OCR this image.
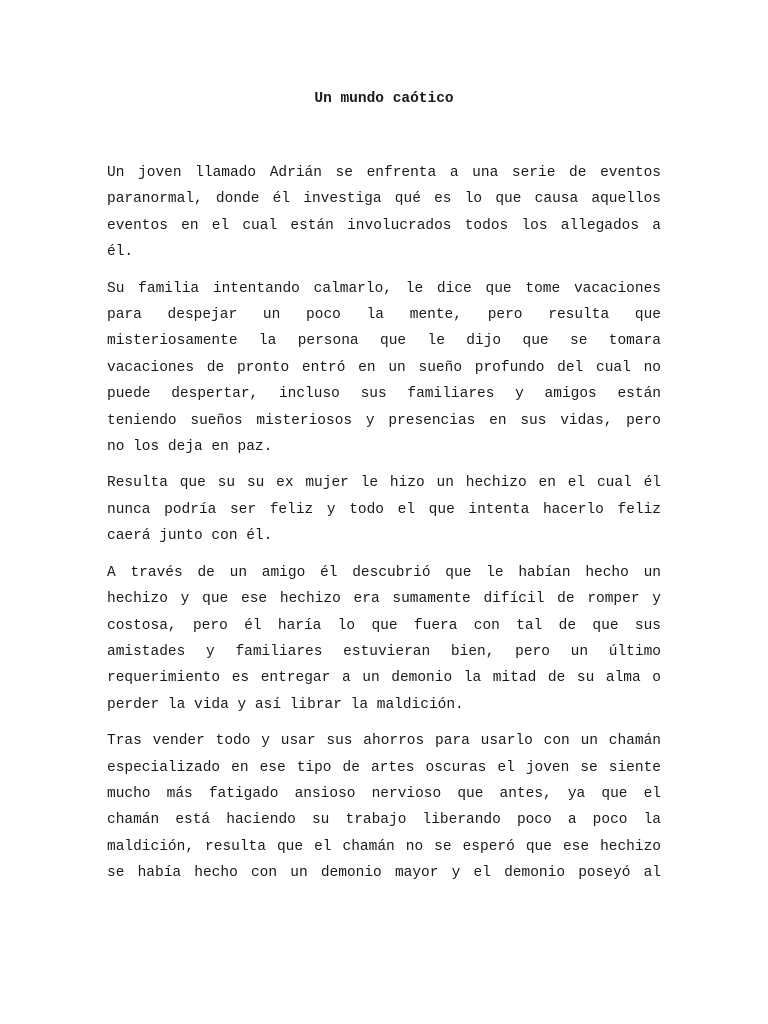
Un mundo caótico

Un joven llamado Adrián se enfrenta a una serie de eventos
paranormal, donde él investiga qué es lo que causa aquellos
eventos en el cual están involucrados todos los allegados a
él.

Su familia intentando calmarlo, le dice que tome vacaciones
para despejar un poco la mente, pero resulta que
misteriosamente la persona que le dijo que se tomara
vacaciones de pronto entró en un sueño profundo del cual no
puede despertar, incluso sus familiares y amigos están
teniendo sueños misteriosos y presencias en sus vidas, pero
no los deja en paz.

Resulta que su su ex mujer le hizo un hechizo en el cual él
nunca podría ser feliz y todo el que intenta hacerlo feliz
caerá junto con él.

A través de un amigo él descubrió que le habían hecho un
hechizo y que ese hechizo era sumamente difícil de romper y
costosa, pero él haría lo que fuera con tal de que sus
amistades y familiares estuvieran bien, pero un último
requerimiento es entregar a un demonio la mitad de su alma o
perder la vida y así librar la maldición.

Tras vender todo y usar sus ahorros para usarlo con un chamán
especializado en ese tipo de artes oscuras el joven se siente
mucho más fatigado ansioso nervioso que antes, ya que el
chamán está haciendo su trabajo liberando poco a poco la
maldición, resulta que el chamán no se esperó que ese hechizo
se había hecho con un demonio mayor y el demonio poseyó al
